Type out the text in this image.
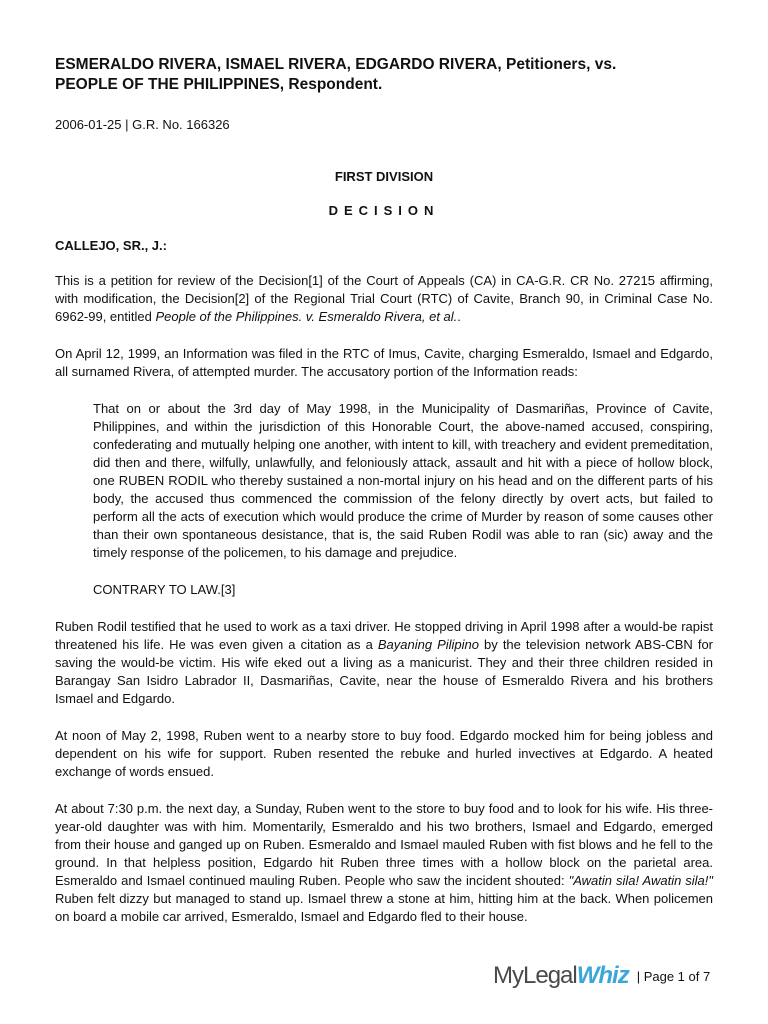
ESMERALDO RIVERA, ISMAEL RIVERA, EDGARDO RIVERA, Petitioners, vs.
PEOPLE OF THE PHILIPPINES, Respondent.
2006-01-25 | G.R. No. 166326
FIRST DIVISION
DECISION
CALLEJO, SR., J.:

This is a petition for review of the Decision[1] of the Court of Appeals (CA) in CA-G.R. CR No. 27215 affirming, with modification, the Decision[2] of the Regional Trial Court (RTC) of Cavite, Branch 90, in Criminal Case No. 6962-99, entitled People of the Philippines. v. Esmeraldo Rivera, et al..

On April 12, 1999, an Information was filed in the RTC of Imus, Cavite, charging Esmeraldo, Ismael and Edgardo, all surnamed Rivera, of attempted murder. The accusatory portion of the Information reads:

That on or about the 3rd day of May 1998, in the Municipality of Dasmariñas, Province of Cavite, Philippines, and within the jurisdiction of this Honorable Court, the above-named accused, conspiring, confederating and mutually helping one another, with intent to kill, with treachery and evident premeditation, did then and there, wilfully, unlawfully, and feloniously attack, assault and hit with a piece of hollow block, one RUBEN RODIL who thereby sustained a non-mortal injury on his head and on the different parts of his body, the accused thus commenced the commission of the felony directly by overt acts, but failed to perform all the acts of execution which would produce the crime of Murder by reason of some causes other than their own spontaneous desistance, that is, the said Ruben Rodil was able to ran (sic) away and the timely response of the policemen, to his damage and prejudice.

CONTRARY TO LAW.[3]

Ruben Rodil testified that he used to work as a taxi driver. He stopped driving in April 1998 after a would-be rapist threatened his life. He was even given a citation as a Bayaning Pilipino by the television network ABS-CBN for saving the would-be victim. His wife eked out a living as a manicurist. They and their three children resided in Barangay San Isidro Labrador II, Dasmariñas, Cavite, near the house of Esmeraldo Rivera and his brothers Ismael and Edgardo.

At noon of May 2, 1998, Ruben went to a nearby store to buy food. Edgardo mocked him for being jobless and dependent on his wife for support. Ruben resented the rebuke and hurled invectives at Edgardo. A heated exchange of words ensued.

At about 7:30 p.m. the next day, a Sunday, Ruben went to the store to buy food and to look for his wife. His three-year-old daughter was with him. Momentarily, Esmeraldo and his two brothers, Ismael and Edgardo, emerged from their house and ganged up on Ruben. Esmeraldo and Ismael mauled Ruben with fist blows and he fell to the ground. In that helpless position, Edgardo hit Ruben three times with a hollow block on the parietal area. Esmeraldo and Ismael continued mauling Ruben. People who saw the incident shouted: "Awatin sila! Awatin sila!" Ruben felt dizzy but managed to stand up. Ismael threw a stone at him, hitting him at the back. When policemen on board a mobile car arrived, Esmeraldo, Ismael and Edgardo fled to their house.

MyLegalWhiz | Page 1 of 7
